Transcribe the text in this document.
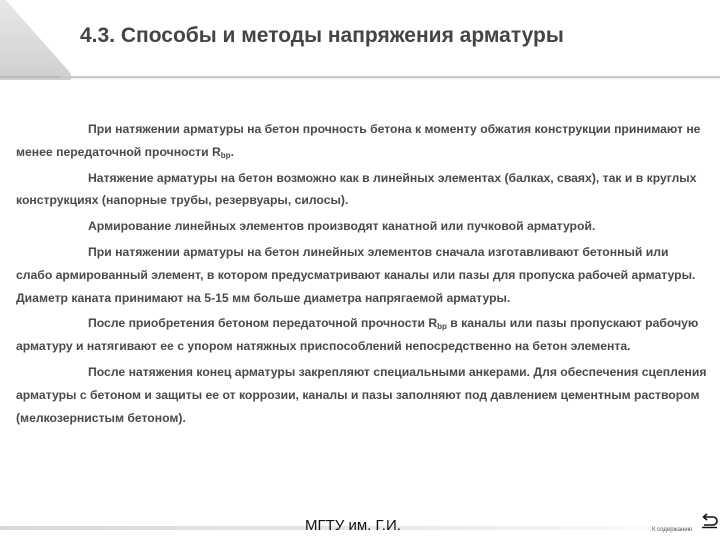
4.3. Способы и методы напряжения арматуры

При натяжении арматуры на бетон прочность бетона к моменту обжатия конструкции принимают не менее передаточной прочности $R_{bp}$.

Натяжение арматуры на бетон возможно как в линейных элементах (балках, сваях), так и в круглых конструкциях (напорные трубы, резервуары, силосы).

Армирование линейных элементов производят канатной или пучковой арматурой.

При натяжении арматуры на бетон линейных элементов сначала изготавливают бетонный или слабо армированный элемент, в котором предусматривают каналы или пазы для пропуска рабочей арматуры. Диаметр каната принимают на 5-15 мм больше диаметра напрягаемой арматуры.

После приобретения бетоном передаточной прочности $R_{bp}$ в каналы или пазы пропускают рабочую арматуру и натягивают ее с упором натяжных приспособлений непосредственно на бетон элемента.

После натяжения конец арматуры закрепляют специальными анкерами. Для обеспечения сцепления арматуры с бетоном и защиты ее от коррозии, каналы и пазы заполняют под давлением цементным раствором (мелкозернистым бетоном).

МГТУ им. Г.И.	К содержанию
